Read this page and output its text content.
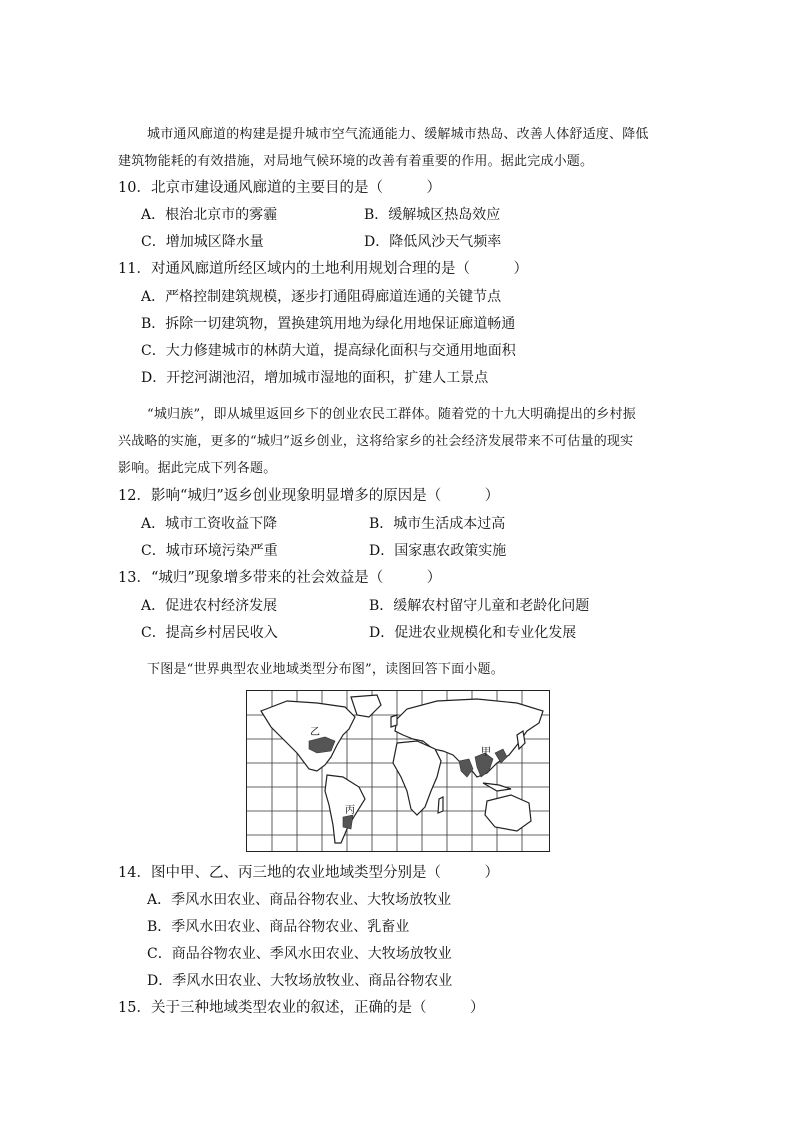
城市通风廊道的构建是提升城市空气流通能力、缓解城市热岛、改善人体舒适度、降低
建筑物能耗的有效措施，对局地气候环境的改善有着重要的作用。据此完成小题。
10．北京市建设通风廊道的主要目的是（　　　）
A．根治北京市的雾霾	B．缓解城区热岛效应
C．增加城区降水量	D．降低风沙天气频率
11．对通风廊道所经区域内的土地利用规划合理的是（　　　）
A．严格控制建筑规模，逐步打通阻碍廊道连通的关键节点
B．拆除一切建筑物，置换建筑用地为绿化用地保证廊道畅通
C．大力修建城市的林荫大道，提高绿化面积与交通用地面积
D．开挖河湖池沼，增加城市湿地的面积，扩建人工景点
“城归族”，即从城里返回乡下的创业农民工群体。随着党的十九大明确提出的乡村振
兴战略的实施，更多的“城归”返乡创业，这将给家乡的社会经济发展带来不可估量的现实
影响。据此完成下列各题。
12．影响“城归”返乡创业现象明显增多的原因是（　　　）
A．城市工资收益下降	B．城市生活成本过高
C．城市环境污染严重	D．国家惠农政策实施
13．“城归”现象增多带来的社会效益是（　　　）
A．促进农村经济发展	B．缓解农村留守儿童和老龄化问题
C．提高乡村居民收入	D．促进农业规模化和专业化发展
下图是“世界典型农业地域类型分布图”，读图回答下面小题。
甲
乙
丙
14．图中甲、乙、丙三地的农业地域类型分别是（　　　）
A．季风水田农业、商品谷物农业、大牧场放牧业
B．季风水田农业、商品谷物农业、乳畜业
C．商品谷物农业、季风水田农业、大牧场放牧业
D．季风水田农业、大牧场放牧业、商品谷物农业
15．关于三种地域类型农业的叙述，正确的是（　　　）
